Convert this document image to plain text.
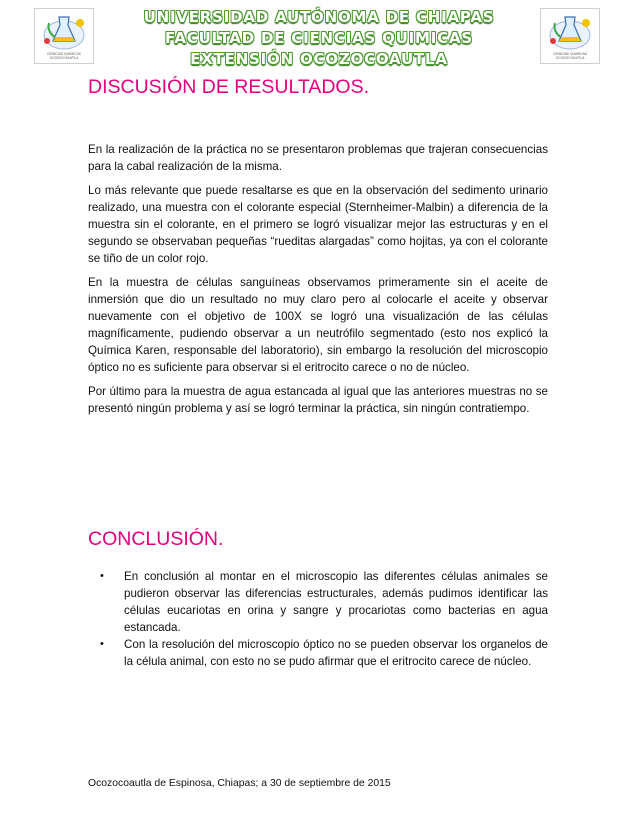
CIENCIAS QUIMICAS
OCOZOCOAUTLA
CIENCIAS QUIMICAS
OCOZOCOAUTLA
UNIVERSIDAD AUTÓNOMA DE CHIAPAS
FACULTAD DE CIENCIAS QUIMICAS
EXTENSIÓN OCOZOCOAUTLA
DISCUSIÓN DE RESULTADOS.

En la realización de la práctica no se presentaron problemas que trajeran consecuencias para la cabal realización de la misma.

Lo más relevante que puede resaltarse es que en la observación del sedimento urinario realizado, una muestra con el colorante especial (Sternheimer-Malbin) a diferencia de la muestra sin el colorante, en el primero se logró visualizar mejor las estructuras y en el segundo se observaban pequeñas “rueditas alargadas” como hojitas, ya con el colorante se tiño de un color rojo.

En la muestra de células sanguíneas observamos primeramente sin el aceite de inmersión que dio un resultado no muy claro pero al colocarle el aceite y observar nuevamente con el objetivo de 100X se logró una visualización de las células magníficamente, pudiendo observar a un neutrófilo segmentado (esto nos explicó la Química Karen, responsable del laboratorio), sin embargo la resolución del microscopio óptico no es suficiente para observar si el eritrocito carece o no de núcleo.

Por último para la muestra de agua estancada al igual que las anteriores muestras no se presentó ningún problema y así se logró terminar la práctica, sin ningún contratiempo.

CONCLUSIÓN.
• En conclusión al montar en el microscopio las diferentes células animales se pudieron observar las diferencias estructurales, además pudimos identificar las células eucariotas en orina y sangre y procariotas como bacterias en agua estancada.
• Con la resolución del microscopio óptico no se pueden observar los organelos de la célula animal, con esto no se pudo afirmar que el eritrocito carece de núcleo.
Ocozocoautla de Espinosa, Chiapas; a 30 de septiembre de 2015
